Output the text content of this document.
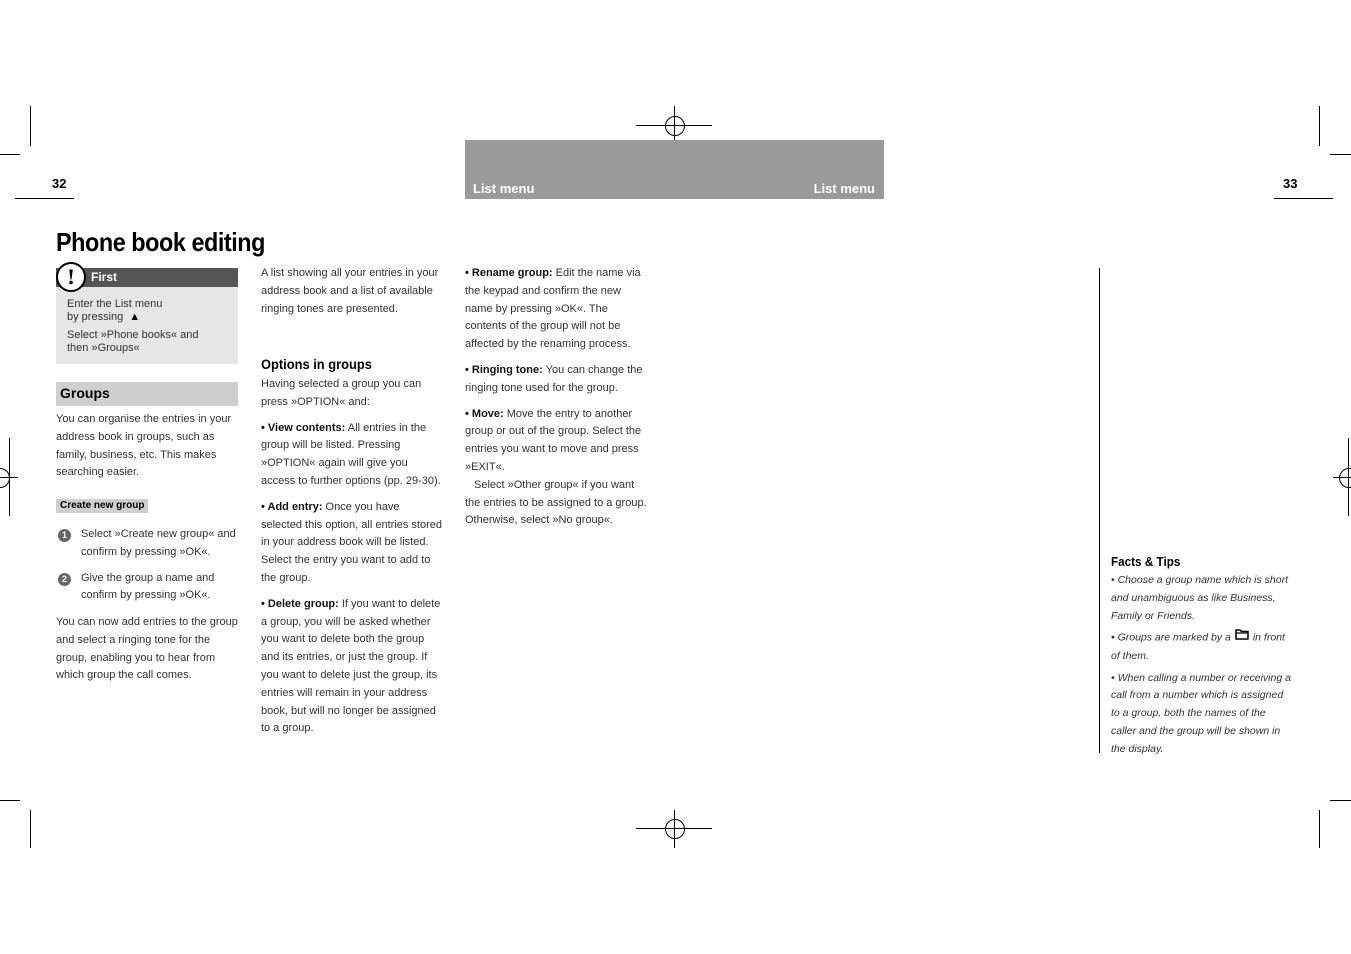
32	33
List menu	List menu
Phone book editing
!	First

Enter the List menu
by pressing ▲

Select »Phone books« and
then »Groups«

Groups

You can organise the entries in your address book in groups, such as family, business, etc. This makes searching easier.

Create new group
1	Select »Create new group« and confirm by pressing »OK«.
2	Give the group a name and confirm by pressing »OK«.

You can now add entries to the group and select a ringing tone for the group, enabling you to hear from which group the call comes.

A list showing all your entries in your address book and a list of available ringing tones are presented.

Options in groups

Having selected a group you can press »OPTION« and:

• View contents: All entries in the group will be listed. Pressing »OPTION« again will give you access to further options (pp. 29-30).

• Add entry: Once you have selected this option, all entries stored in your address book will be listed. Select the entry you want to add to the group.

• Delete group: If you want to delete a group, you will be asked whether you want to delete both the group and its entries, or just the group. If you want to delete just the group, its entries will remain in your address book, but will no longer be assigned to a group.

• Rename group: Edit the name via the keypad and confirm the new name by pressing »OK«. The contents of the group will not be affected by the renaming process.

• Ringing tone: You can change the ringing tone used for the group.

• Move: Move the entry to another group or out of the group. Select the entries you want to move and press »EXIT«.

Select »Other group« if you want the entries to be assigned to a group. Otherwise, select »No group«.

Facts & Tips

• Choose a group name which is short and unambiguous as like Business, Family or Friends.

• Groups are marked by a in front of them.

• When calling a number or receiving a call from a number which is assigned to a group, both the names of the caller and the group will be shown in the display.
